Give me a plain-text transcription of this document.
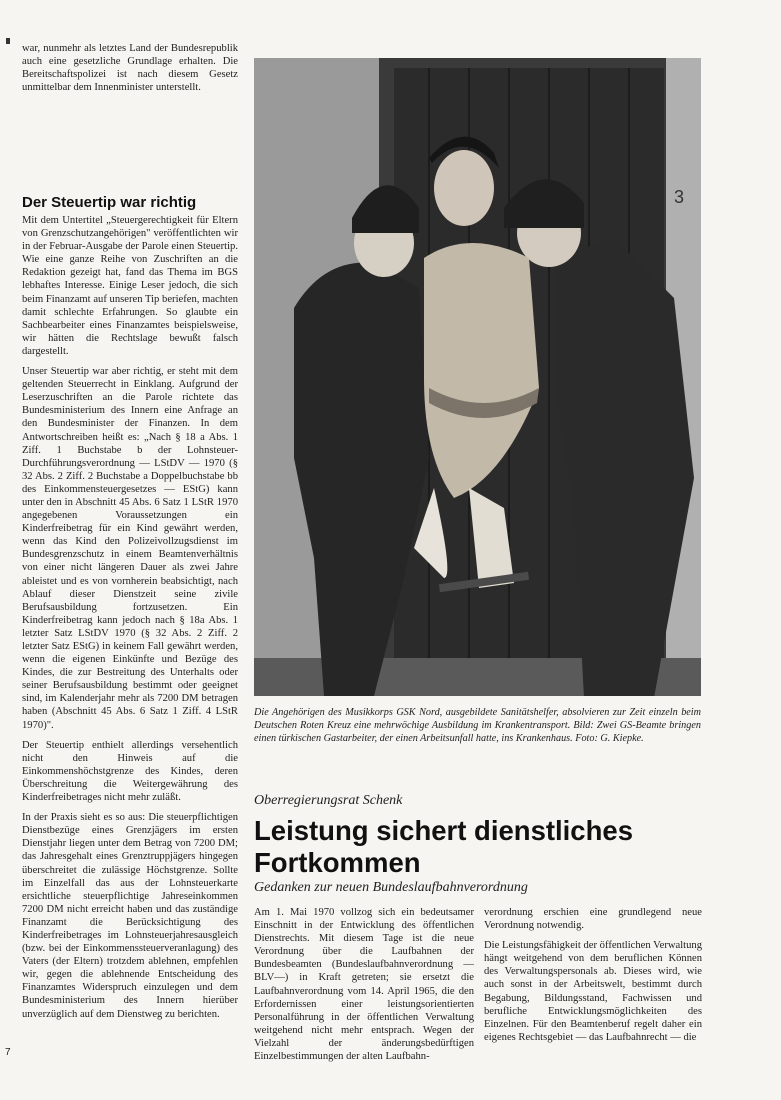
war, nunmehr als letztes Land der Bundesrepublik auch eine gesetzliche Grundlage erhalten. Die Bereitschaftspolizei ist nach diesem Gesetz unmittelbar dem Innenminister unterstellt.

Der Steuertip war richtig

Mit dem Untertitel „Steuergerechtigkeit für Eltern von Grenzschutzangehörigen" veröffentlichten wir in der Februar-Ausgabe der Parole einen Steuertip. Wie eine ganze Reihe von Zuschriften an die Redaktion gezeigt hat, fand das Thema im BGS lebhaftes Interesse. Einige Leser jedoch, die sich beim Finanzamt auf unseren Tip beriefen, machten damit schlechte Erfahrungen. So glaubte ein Sachbearbeiter eines Finanzamtes beispielsweise, wir hätten die Rechtslage bewußt falsch dargestellt.

Unser Steuertip war aber richtig, er steht mit dem geltenden Steuerrecht in Einklang. Aufgrund der Leserzuschriften an die Parole richtete das Bundesministerium des Innern eine Anfrage an den Bundesminister der Finanzen. In dem Antwortschreiben heißt es: „Nach § 18 a Abs. 1 Ziff. 1 Buchstabe b der Lohnsteuer-Durchführungsverordnung — LStDV — 1970 (§ 32 Abs. 2 Ziff. 2 Buchstabe a Doppelbuchstabe bb des Einkommensteuergesetzes — EStG) kann unter den in Abschnitt 45 Abs. 6 Satz 1 LStR 1970 angegebenen Voraussetzungen ein Kinderfreibetrag für ein Kind gewährt werden, wenn das Kind den Polizeivollzugsdienst im Bundesgrenzschutz in einem Beamtenverhältnis von einer nicht längeren Dauer als zwei Jahre ableistet und es von vornherein beabsichtigt, nach Ablauf dieser Dienstzeit seine zivile Berufsausbildung fortzusetzen. Ein Kinderfreibetrag kann jedoch nach § 18a Abs. 1 letzter Satz LStDV 1970 (§ 32 Abs. 2 Ziff. 2 letzter Satz EStG) in keinem Fall gewährt werden, wenn die eigenen Einkünfte und Bezüge des Kindes, die zur Bestreitung des Unterhalts oder seiner Berufsausbildung bestimmt oder geeignet sind, im Kalenderjahr mehr als 7200 DM betragen haben (Abschnitt 45 Abs. 6 Satz 1 Ziff. 4 LStR 1970)".

Der Steuertip enthielt allerdings versehentlich nicht den Hinweis auf die Einkommenshöchstgrenze des Kindes, deren Überschreitung die Weitergewährung des Kinderfreibetrages nicht mehr zuläßt.

In der Praxis sieht es so aus: Die steuerpflichtigen Dienstbezüge eines Grenzjägers im ersten Dienstjahr liegen unter dem Betrag von 7200 DM; das Jahresgehalt eines Grenztruppjägers hingegen überschreitet die zulässige Höchstgrenze. Sollte im Einzelfall das aus der Lohnsteuerkarte ersichtliche steuerpflichtige Jahreseinkommen 7200 DM nicht erreicht haben und das zuständige Finanzamt die Berücksichtigung des Kinderfreibetrages im Lohnsteuerjahresausgleich (bzw. bei der Einkommenssteuerveranlagung) des Vaters (der Eltern) trotzdem ablehnen, empfehlen wir, gegen die ablehnende Entscheidung des Finanzamtes Widerspruch einzulegen und dem Bundesministerium des Innern hierüber unverzüglich auf dem Dienstweg zu berichten.

3
Die Angehörigen des Musikkorps GSK Nord, ausgebildete Sanitätshelfer, absolvieren zur Zeit einzeln beim Deutschen Roten Kreuz eine mehrwöchige Ausbildung im Krankentransport. Bild: Zwei GS-Beamte bringen einen türkischen Gastarbeiter, der einen Arbeitsunfall hatte, ins Krankenhaus. Foto: G. Kiepke.
Oberregierungsrat Schenk
Leistung sichert dienstliches Fortkommen
Gedanken zur neuen Bundeslaufbahnverordnung

Am 1. Mai 1970 vollzog sich ein bedeutsamer Einschnitt in der Entwicklung des öffentlichen Dienstrechts. Mit diesem Tage ist die neue Verordnung über die Laufbahnen der Bundesbeamten (Bundeslaufbahnverordnung — BLV—) in Kraft getreten; sie ersetzt die Laufbahnverordnung vom 14. April 1965, die den Erfordernissen einer leistungsorientierten Personalführung in der öffentlichen Verwaltung weitgehend nicht mehr entsprach. Wegen der Vielzahl der änderungsbedürftigen Einzelbestimmungen der alten Laufbahn-

verordnung erschien eine grundlegend neue Verordnung notwendig.

Die Leistungsfähigkeit der öffentlichen Verwaltung hängt weitgehend von dem beruflichen Können des Verwaltungspersonals ab. Dieses wird, wie auch sonst in der Arbeitswelt, bestimmt durch Begabung, Bildungsstand, Fachwissen und berufliche Entwicklungsmöglichkeiten des Einzelnen. Für den Beamtenberuf regelt daher ein eigenes Rechtsgebiet — das Laufbahnrecht — die

7
